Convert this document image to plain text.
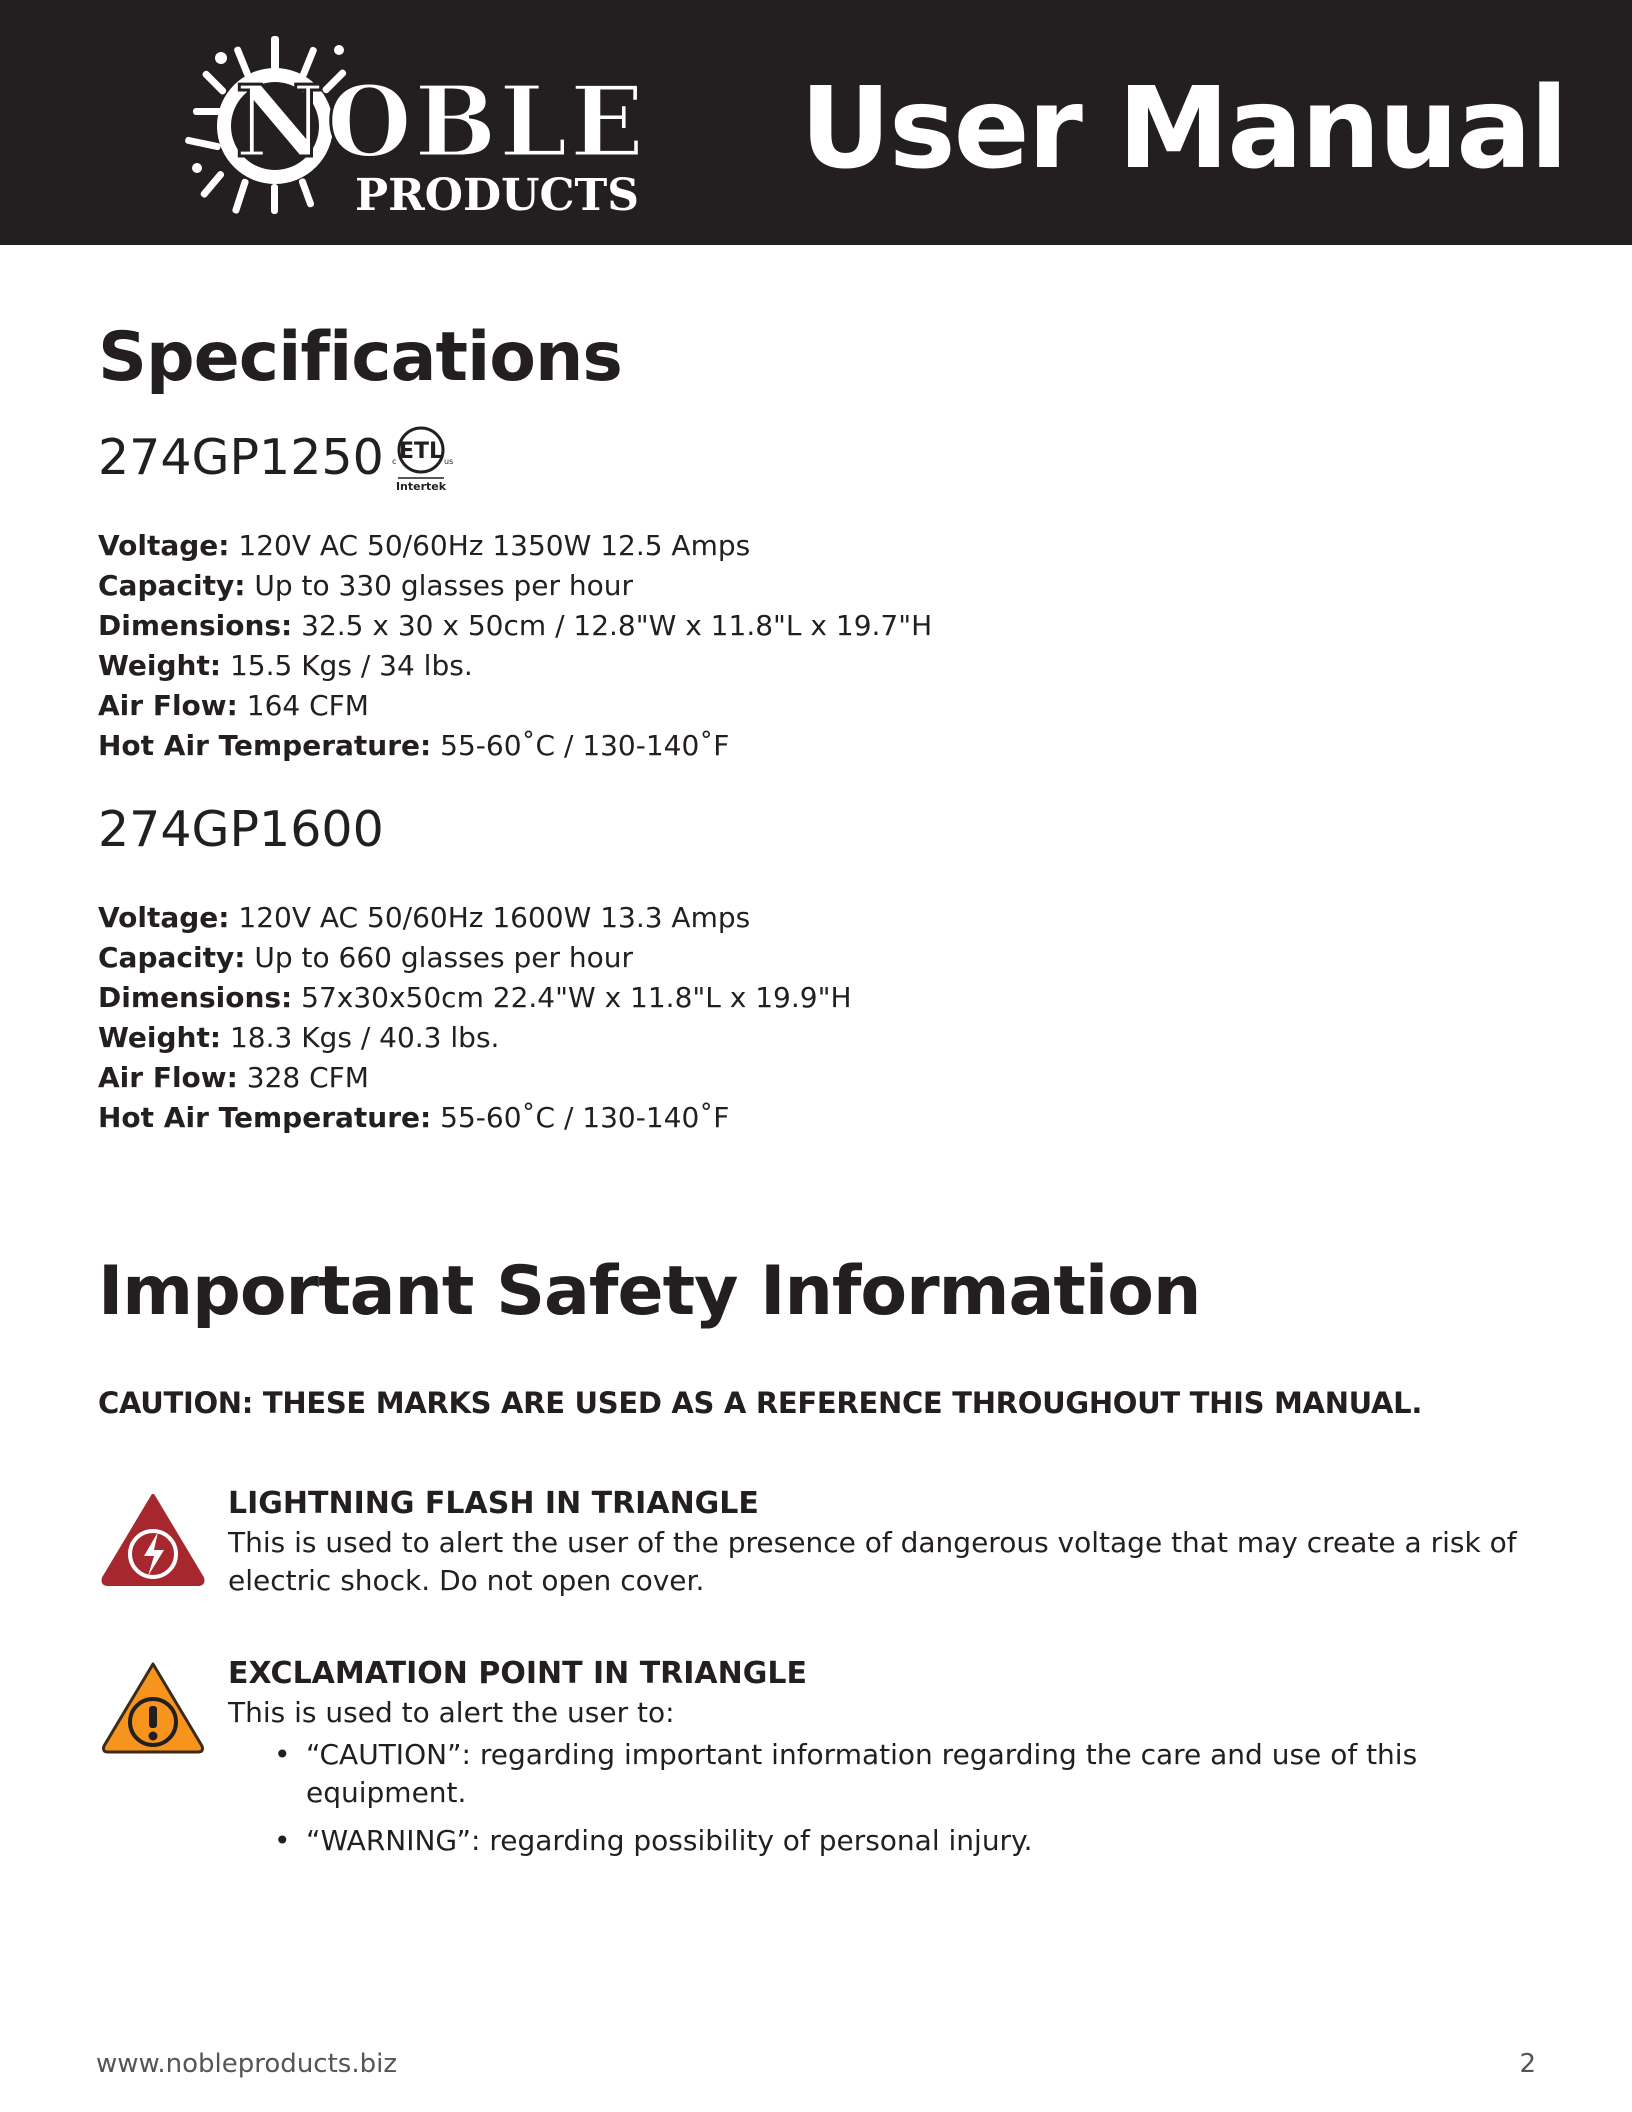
NOBLE
PRODUCTS
User Manual
Specifications
274GP1250 ETL
c	us
Intertek
Voltage: 120V AC 50/60Hz 1350W 12.5 Amps
Capacity: Up to 330 glasses per hour
Dimensions: 32.5 x 30 x 50cm / 12.8"W x 11.8"L x 19.7"H
Weight: 15.5 Kgs / 34 lbs.
Air Flow: 164 CFM
Hot Air Temperature: 55-60˚C / 130-140˚F
274GP1600
Voltage: 120V AC 50/60Hz 1600W 13.3 Amps
Capacity: Up to 660 glasses per hour
Dimensions: 57x30x50cm 22.4"W x 11.8"L x 19.9"H
Weight: 18.3 Kgs / 40.3 lbs.
Air Flow: 328 CFM
Hot Air Temperature: 55-60˚C / 130-140˚F
Important Safety Information
CAUTION: THESE MARKS ARE USED AS A REFERENCE THROUGHOUT THIS MANUAL.
LIGHTNING FLASH IN TRIANGLE
This is used to alert the user of the presence of dangerous voltage that may create a risk of electric shock. Do not open cover.
EXCLAMATION POINT IN TRIANGLE
This is used to alert the user to:
• “CAUTION”: regarding important information regarding the care and use of this equipment.
• “WARNING”: regarding possibility of personal injury.
www.nobleproducts.biz	2
